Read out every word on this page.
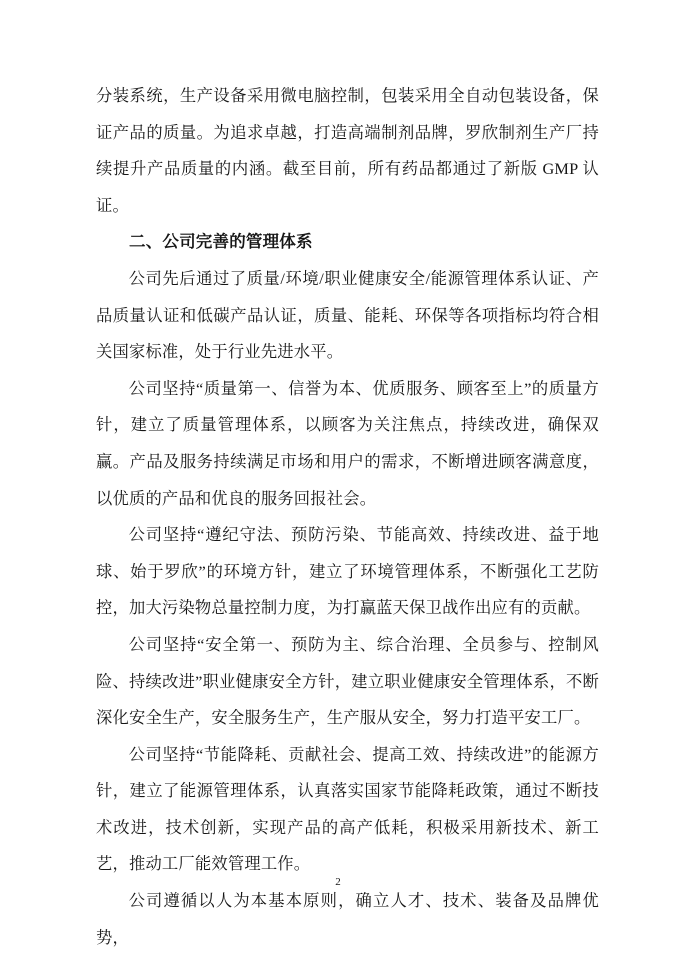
分装系统，生产设备采用微电脑控制，包装采用全自动包装设备，保证产品的质量。为追求卓越，打造高端制剂品牌，罗欣制剂生产厂持续提升产品质量的内涵。截至目前，所有药品都通过了新版 GMP 认证。

二、公司完善的管理体系

公司先后通过了质量/环境/职业健康安全/能源管理体系认证、产品质量认证和低碳产品认证，质量、能耗、环保等各项指标均符合相关国家标准，处于行业先进水平。

公司坚持“质量第一、信誉为本、优质服务、顾客至上”的质量方针，建立了质量管理体系，以顾客为关注焦点，持续改进，确保双赢。产品及服务持续满足市场和用户的需求，不断增进顾客满意度，以优质的产品和优良的服务回报社会。

公司坚持“遵纪守法、预防污染、节能高效、持续改进、益于地球、始于罗欣”的环境方针，建立了环境管理体系，不断强化工艺防控，加大污染物总量控制力度，为打赢蓝天保卫战作出应有的贡献。

公司坚持“安全第一、预防为主、综合治理、全员参与、控制风险、持续改进”职业健康安全方针，建立职业健康安全管理体系，不断深化安全生产，安全服务生产，生产服从安全，努力打造平安工厂。

公司坚持“节能降耗、贡献社会、提高工效、持续改进”的能源方针，建立了能源管理体系，认真落实国家节能降耗政策，通过不断技术改进，技术创新，实现产品的高产低耗，积极采用新技术、新工艺，推动工厂能效管理工作。

公司遵循以人为本基本原则，确立人才、技术、装备及品牌优势，

2
